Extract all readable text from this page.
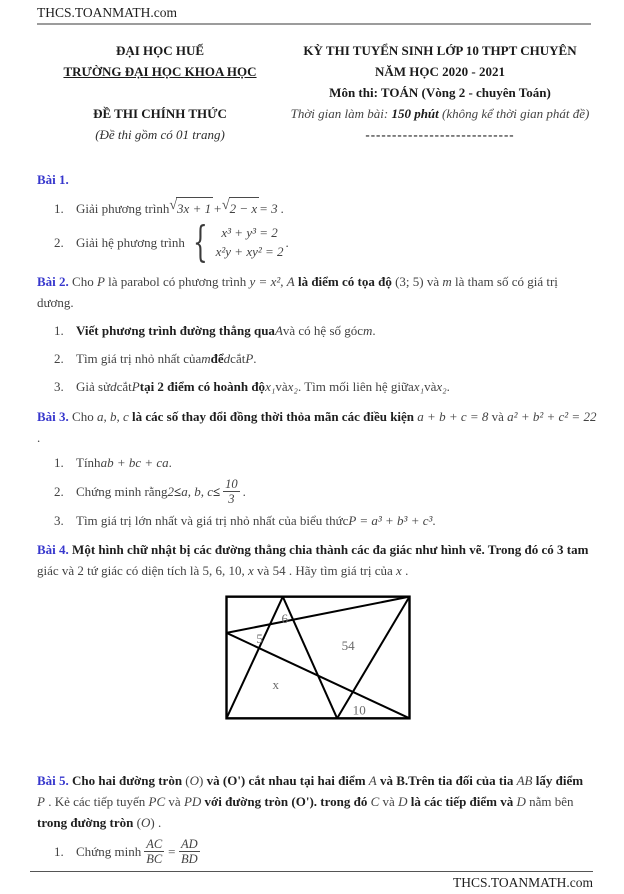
THCS.TOANMATH.com
ĐẠI HỌC HUẾ
TRƯỜNG ĐẠI HỌC KHOA HỌC
ĐỀ THI CHÍNH THỨC
(Đề thi gồm có 01 trang)
KỲ THI TUYỂN SINH LỚP 10 THPT CHUYÊN
NĂM HỌC 2020 - 2021
Môn thi: TOÁN (Vòng 2 - chuyên Toán)
Thời gian làm bài: 150 phút (không kể thời gian phát đề)
----------------------------
Bài 1.
1. Giải phương trình √ 3x + 1 + √ 2 − x = 3 .
2. Giải hệ phương trình { x³ + y³ = 2
x²y + xy² = 2
.
Bài 2. Cho P là parabol có phương trình y = x², A là điểm có tọa độ (3; 5) và m là tham số có giá trị
dương.
1. Viết phương trình đường thẳng qua A và có hệ số góc m .
2. Tìm giá trị nhỏ nhất của m để d cắt P .
3. Giả sử d cắt P tại 2 điểm có hoành độ x₁ và x₂ . Tìm mối liên hệ giữa x₁ và x₂ .
Bài 3. Cho a, b, c là các số thay đổi đồng thời thỏa mãn các điều kiện a + b + c = 8 và a² + b² + c² = 22
.
1. Tính ab + bc + ca .
2. Chứng minh rằng 2 ≤ a, b, $c \le \frac{10}{3}$ .
3. Tìm giá trị lớn nhất và giá trị nhỏ nhất của biểu thức P = a³ + b³ + c³ .
Bài 4. Một hình chữ nhật bị các đường thẳng chia thành các đa giác như hình vẽ. Trong đó có 3 tam
giác và 2 tứ giác có diện tích là 5, 6, 10, x và 54 . Hãy tìm giá trị của x .
6
5	54
x
10
Bài 5. Cho hai đường tròn (O) và (O') cắt nhau tại hai điểm A và B.Trên tia đối của tia AB lấy điểm
P . Kẻ các tiếp tuyến PC và PD với đường tròn (O'). trong đó C và D là các tiếp điểm và D nằm bên
trong đường tròn (O) .
1. Chứng minh $\frac{AC}{BC} = \frac{AD}{BD}$
THCS.TOANMATH.com
